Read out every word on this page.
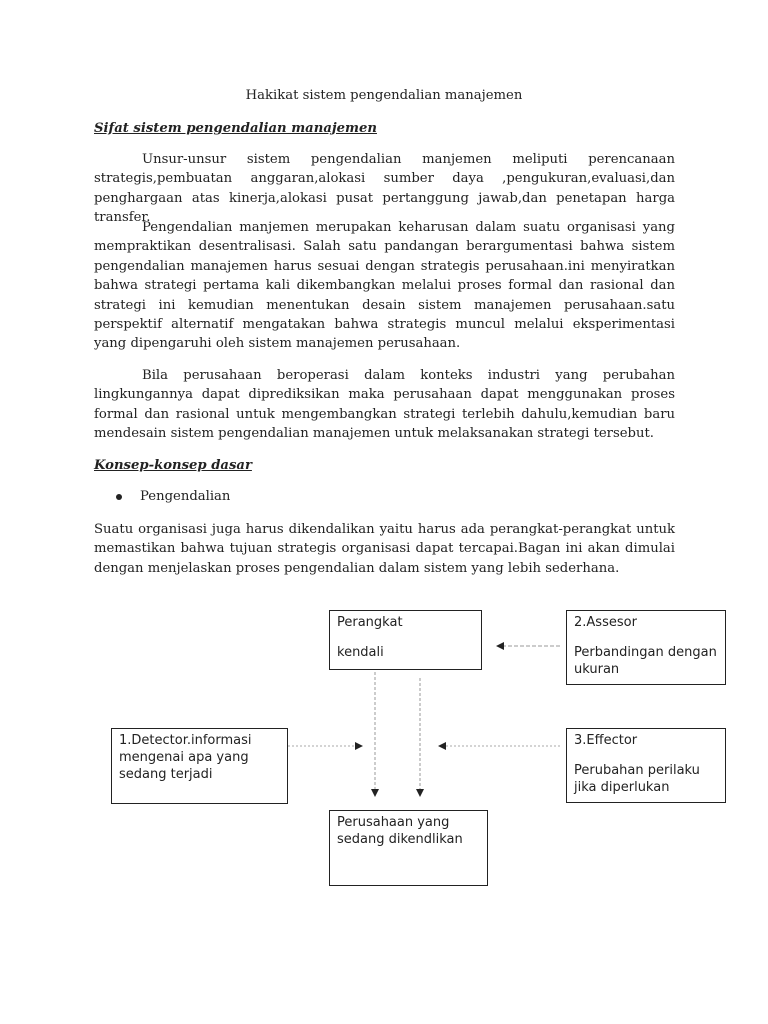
Hakikat sistem pengendalian manajemen
Sifat sistem pengendalian manajemen

Unsur-unsur sistem pengendalian manjemen meliputi perencanaan strategis,pembuatan anggaran,alokasi sumber daya ,pengukuran,evaluasi,dan penghargaan atas kinerja,alokasi pusat pertanggung jawab,dan penetapan harga transfer.

Pengendalian manjemen merupakan keharusan dalam suatu organisasi yang mempraktikan desentralisasi. Salah satu pandangan berargumentasi bahwa sistem pengendalian manajemen harus sesuai dengan strategis perusahaan.ini menyiratkan bahwa strategi pertama kali dikembangkan melalui proses formal dan rasional dan strategi ini kemudian menentukan desain sistem manajemen perusahaan.satu perspektif alternatif mengatakan bahwa strategis muncul melalui eksperimentasi yang dipengaruhi oleh sistem manajemen perusahaan.

Bila perusahaan beroperasi dalam konteks industri yang perubahan lingkungannya dapat diprediksikan maka perusahaan dapat menggunakan proses formal dan rasional untuk mengembangkan strategi terlebih dahulu,kemudian baru mendesain sistem pengendalian manajemen untuk melaksanakan strategi tersebut.

Konsep-konsep dasar
Pengendalian

Suatu organisasi juga harus dikendalikan yaitu harus ada perangkat-perangkat untuk memastikan bahwa tujuan strategis organisasi dapat tercapai.Bagan ini akan dimulai dengan menjelaskan proses pengendalian dalam sistem yang lebih sederhana.

Perangkat
kendali
2.Assesor
Perbandingan dengan ukuran
1.Detector.informasi mengenai apa yang sedang terjadi
3.Effector
Perubahan perilaku jika diperlukan
Perusahaan yang sedang dikendlikan
